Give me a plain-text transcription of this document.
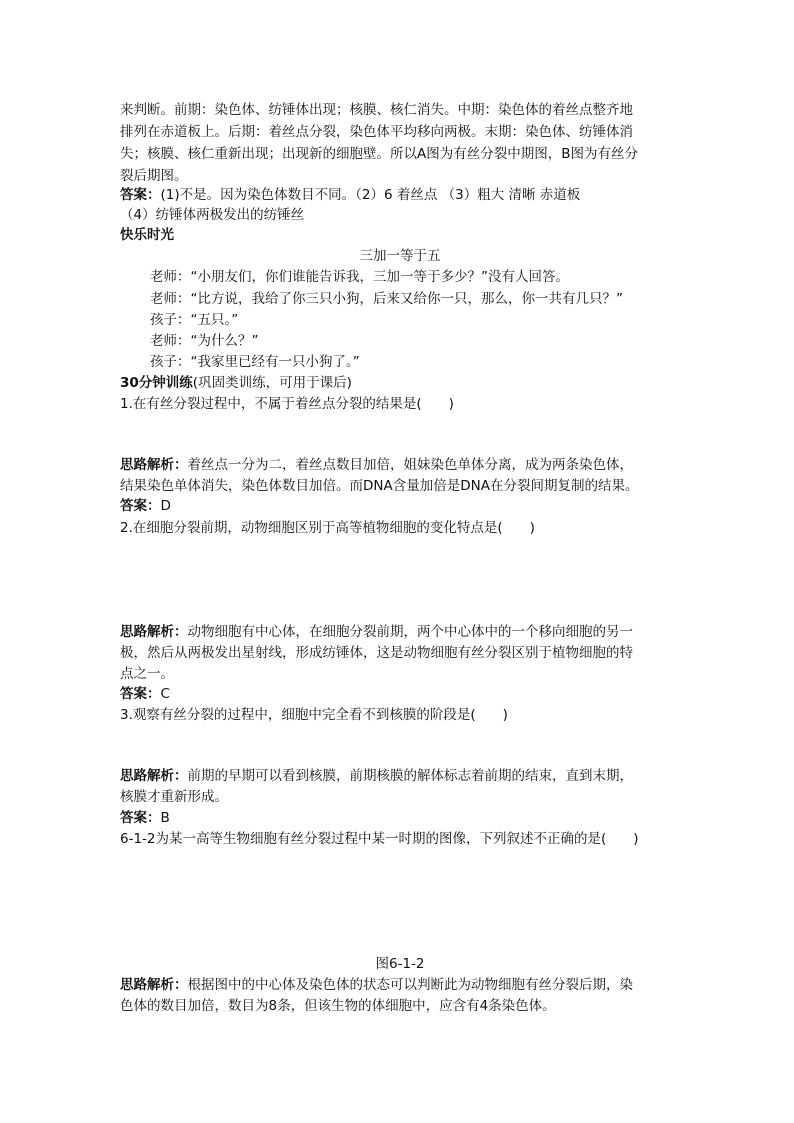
来判断。前期：染色体、纺锤体出现；核膜、核仁消失。中期：染色体的着丝点整齐地
排列在赤道板上。后期：着丝点分裂，染色体平均移向两极。末期：染色体、纺锤体消
失；核膜、核仁重新出现；出现新的细胞壁。所以A图为有丝分裂中期图，B图为有丝分
裂后期图。
答案：(1)不是。因为染色体数目不同。（2）6 着丝点 （3）粗大 清晰 赤道板
（4）纺锤体两极发出的纺锤丝
快乐时光
三加一等于五
老师：“小朋友们，你们谁能告诉我，三加一等于多少？”没有人回答。
老师：“比方说，我给了你三只小狗，后来又给你一只，那么，你一共有几只？”
孩子：“五只。”
老师：“为什么？”
孩子：“我家里已经有一只小狗了。”
30分钟训练(巩固类训练，可用于课后)
1.在有丝分裂过程中，不属于着丝点分裂的结果是(　　)
思路解析：着丝点一分为二，着丝点数目加倍，姐妹染色单体分离，成为两条染色体，
结果染色单体消失，染色体数目加倍。而DNA含量加倍是DNA在分裂间期复制的结果。
答案：D
2.在细胞分裂前期，动物细胞区别于高等植物细胞的变化特点是(　　)
思路解析：动物细胞有中心体，在细胞分裂前期，两个中心体中的一个移向细胞的另一
极，然后从两极发出星射线，形成纺锤体，这是动物细胞有丝分裂区别于植物细胞的特
点之一。
答案：C
3.观察有丝分裂的过程中，细胞中完全看不到核膜的阶段是(　　)
思路解析：前期的早期可以看到核膜，前期核膜的解体标志着前期的结束，直到末期，
核膜才重新形成。
答案：B
6-1-2为某一高等生物细胞有丝分裂过程中某一时期的图像，下列叙述不正确的是(　　)
图6-1-2
思路解析：根据图中的中心体及染色体的状态可以判断此为动物细胞有丝分裂后期，染
色体的数目加倍，数目为8条，但该生物的体细胞中，应含有4条染色体。
